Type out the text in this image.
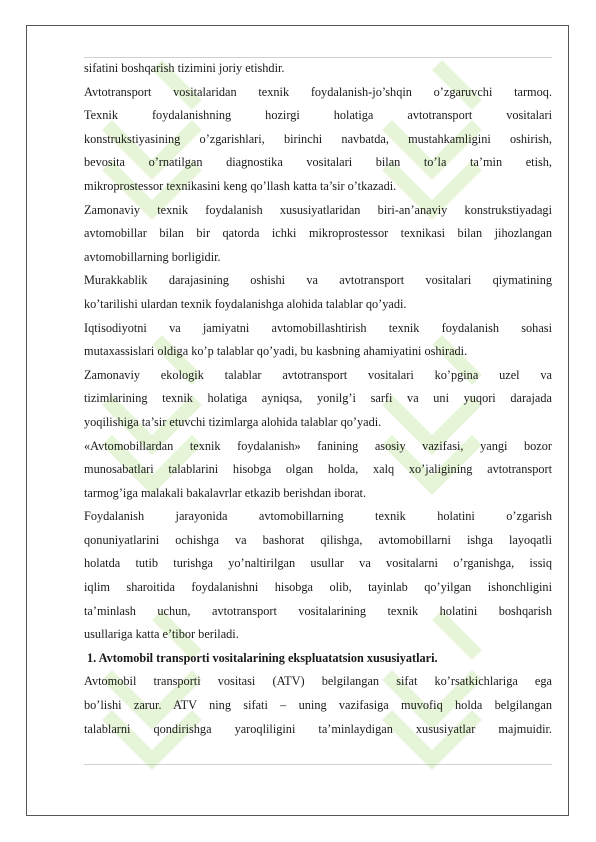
sifatini boshqarish tizimini joriy etishdir.
Avtotransport vositalaridan texnik foydalanish-jo’shqin o’zgaruvchi tarmoq.
Texnik foydalanishning hozirgi holatiga avtotransport vositalari
konstrukstiyasining o’zgarishlari, birinchi navbatda, mustahkamligini oshirish,
bevosita o’rnatilgan diagnostika vositalari bilan to’la ta’min etish,
mikroprostessor texnikasini keng qo’llash katta ta’sir o’tkazadi.
Zamonaviy texnik foydalanish xususiyatlaridan biri-an’anaviy konstrukstiyadagi
avtomobillar bilan bir qatorda ichki mikroprostessor texnikasi bilan jihozlangan
avtomobillarning borligidir.
Murakkablik darajasining oshishi va avtotransport vositalari qiymatining
ko’tarilishi ulardan texnik foydalanishga alohida talablar qo’yadi.
Iqtisodiyotni va jamiyatni avtomobillashtirish texnik foydalanish sohasi
mutaxassislari oldiga ko’p talablar qo’yadi, bu kasbning ahamiyatini oshiradi.
Zamonaviy ekologik talablar avtotransport vositalari ko’pgina uzel va
tizimlarining texnik holatiga ayniqsa, yonilg’i sarfi va uni yuqori darajada
yoqilishiga ta’sir etuvchi tizimlarga alohida talablar qo’yadi.
«Avtomobillardan texnik foydalanish» fanining asosiy vazifasi, yangi bozor
munosabatlari talablarini hisobga olgan holda, xalq xo’jaligining avtotransport
tarmog’iga malakali bakalavrlar etkazib berishdan iborat.
Foydalanish jarayonida avtomobillarning texnik holatini o’zgarish
qonuniyatlarini ochishga va bashorat qilishga, avtomobillarni ishga layoqatli
holatda tutib turishga yo’naltirilgan usullar va vositalarni o’rganishga, issiq
iqlim sharoitida foydalanishni hisobga olib, tayinlab qo’yilgan ishonchligini
ta’minlash uchun, avtotransport vositalarining texnik holatini boshqarish
usullariga katta e’tibor beriladi.
1. Avtomobil transporti vositalarining ekspluatatsion xususiyatlari.
Avtomobil transporti vositasi (ATV) belgilangan sifat ko’rsatkichlariga ega
bo’lishi zarur. ATV ning sifati – uning vazifasiga muvofiq holda belgilangan
talablarni qondirishga yaroqliligini ta’minlaydigan xususiyatlar majmuidir.
